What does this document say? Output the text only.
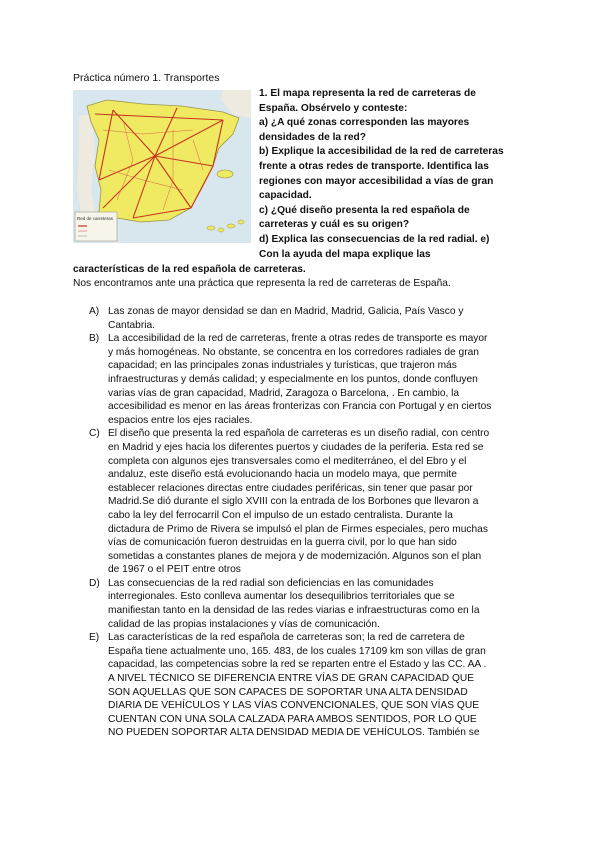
Práctica número 1. Transportes
Red de carreteras
1. El mapa representa la red de carreteras de
España. Obsérvelo y conteste:
a) ¿A qué zonas corresponden las mayores
densidades de la red?
b) Explique la accesibilidad de la red de carreteras
frente a otras redes de transporte. Identifica las
regiones con mayor accesibilidad a vías de gran
capacidad.
c) ¿Qué diseño presenta la red española de
carreteras y cuál es su origen?
d) Explica las consecuencias de la red radial. e)
Con la ayuda del mapa explique las
características de la red española de carreteras.
Nos encontramos ante una práctica que representa la red de carreteras de España.
A) Las zonas de mayor densidad se dan en Madrid, Madrid, Galicia, País Vasco y
Cantabria.
B) La accesibilidad de la red de carreteras, frente a otras redes de transporte es mayor
y más homogéneas. No obstante, se concentra en los corredores radiales de gran
capacidad; en las principales zonas industriales y turísticas, que trajeron más
infraestructuras y demás calidad; y especialmente en los puntos, donde confluyen
varias vías de gran capacidad, Madrid, Zaragoza o Barcelona, . En cambio, la
accesibilidad es menor en las áreas fronterizas con Francia con Portugal y en ciertos
espacios entre los ejes raciales.
C) El diseño que presenta la red española de carreteras es un diseño radial, con centro
en Madrid y ejes hacia los diferentes puertos y ciudades de la periferia. Esta red se
completa con algunos ejes transversales como el mediterráneo, el del Ebro y el
andaluz, este diseño está evolucionando hacia un modelo maya, que permite
establecer relaciones directas entre ciudades periféricas, sin tener que pasar por
Madrid.Se dió durante el siglo XVIII con la entrada de los Borbones que llevaron a
cabo la ley del ferrocarril Con el impulso de un estado centralista. Durante la
dictadura de Primo de Rivera se impulsó el plan de Firmes especiales, pero muchas
vías de comunicación fueron destruidas en la guerra civil, por lo que han sido
sometidas a constantes planes de mejora y de modernización. Algunos son el plan
de 1967 o el PEIT entre otros
D) Las consecuencias de la red radial son deficiencias en las comunidades
interregionales. Esto conlleva aumentar los desequilibrios territoriales que se
manifiestan tanto en la densidad de las redes viarias e infraestructuras como en la
calidad de las propias instalaciones y vías de comunicación.
E) Las características de la red española de carreteras son; la red de carretera de
España tiene actualmente uno, 165. 483, de los cuales 17109 km son villas de gran
capacidad, las competencias sobre la red se reparten entre el Estado y las CC. AA .
A NIVEL TÉCNICO SE DIFERENCIA ENTRE VÍAS DE GRAN CAPACIDAD QUE
SON AQUELLAS QUE SON CAPACES DE SOPORTAR UNA ALTA DENSIDAD
DIARIA DE VEHÍCULOS Y LAS VÍAS CONVENCIONALES, QUE SON VÍAS QUE
CUENTAN CON UNA SOLA CALZADA PARA AMBOS SENTIDOS, POR LO QUE
NO PUEDEN SOPORTAR ALTA DENSIDAD MEDIA DE VEHÍCULOS. También se
